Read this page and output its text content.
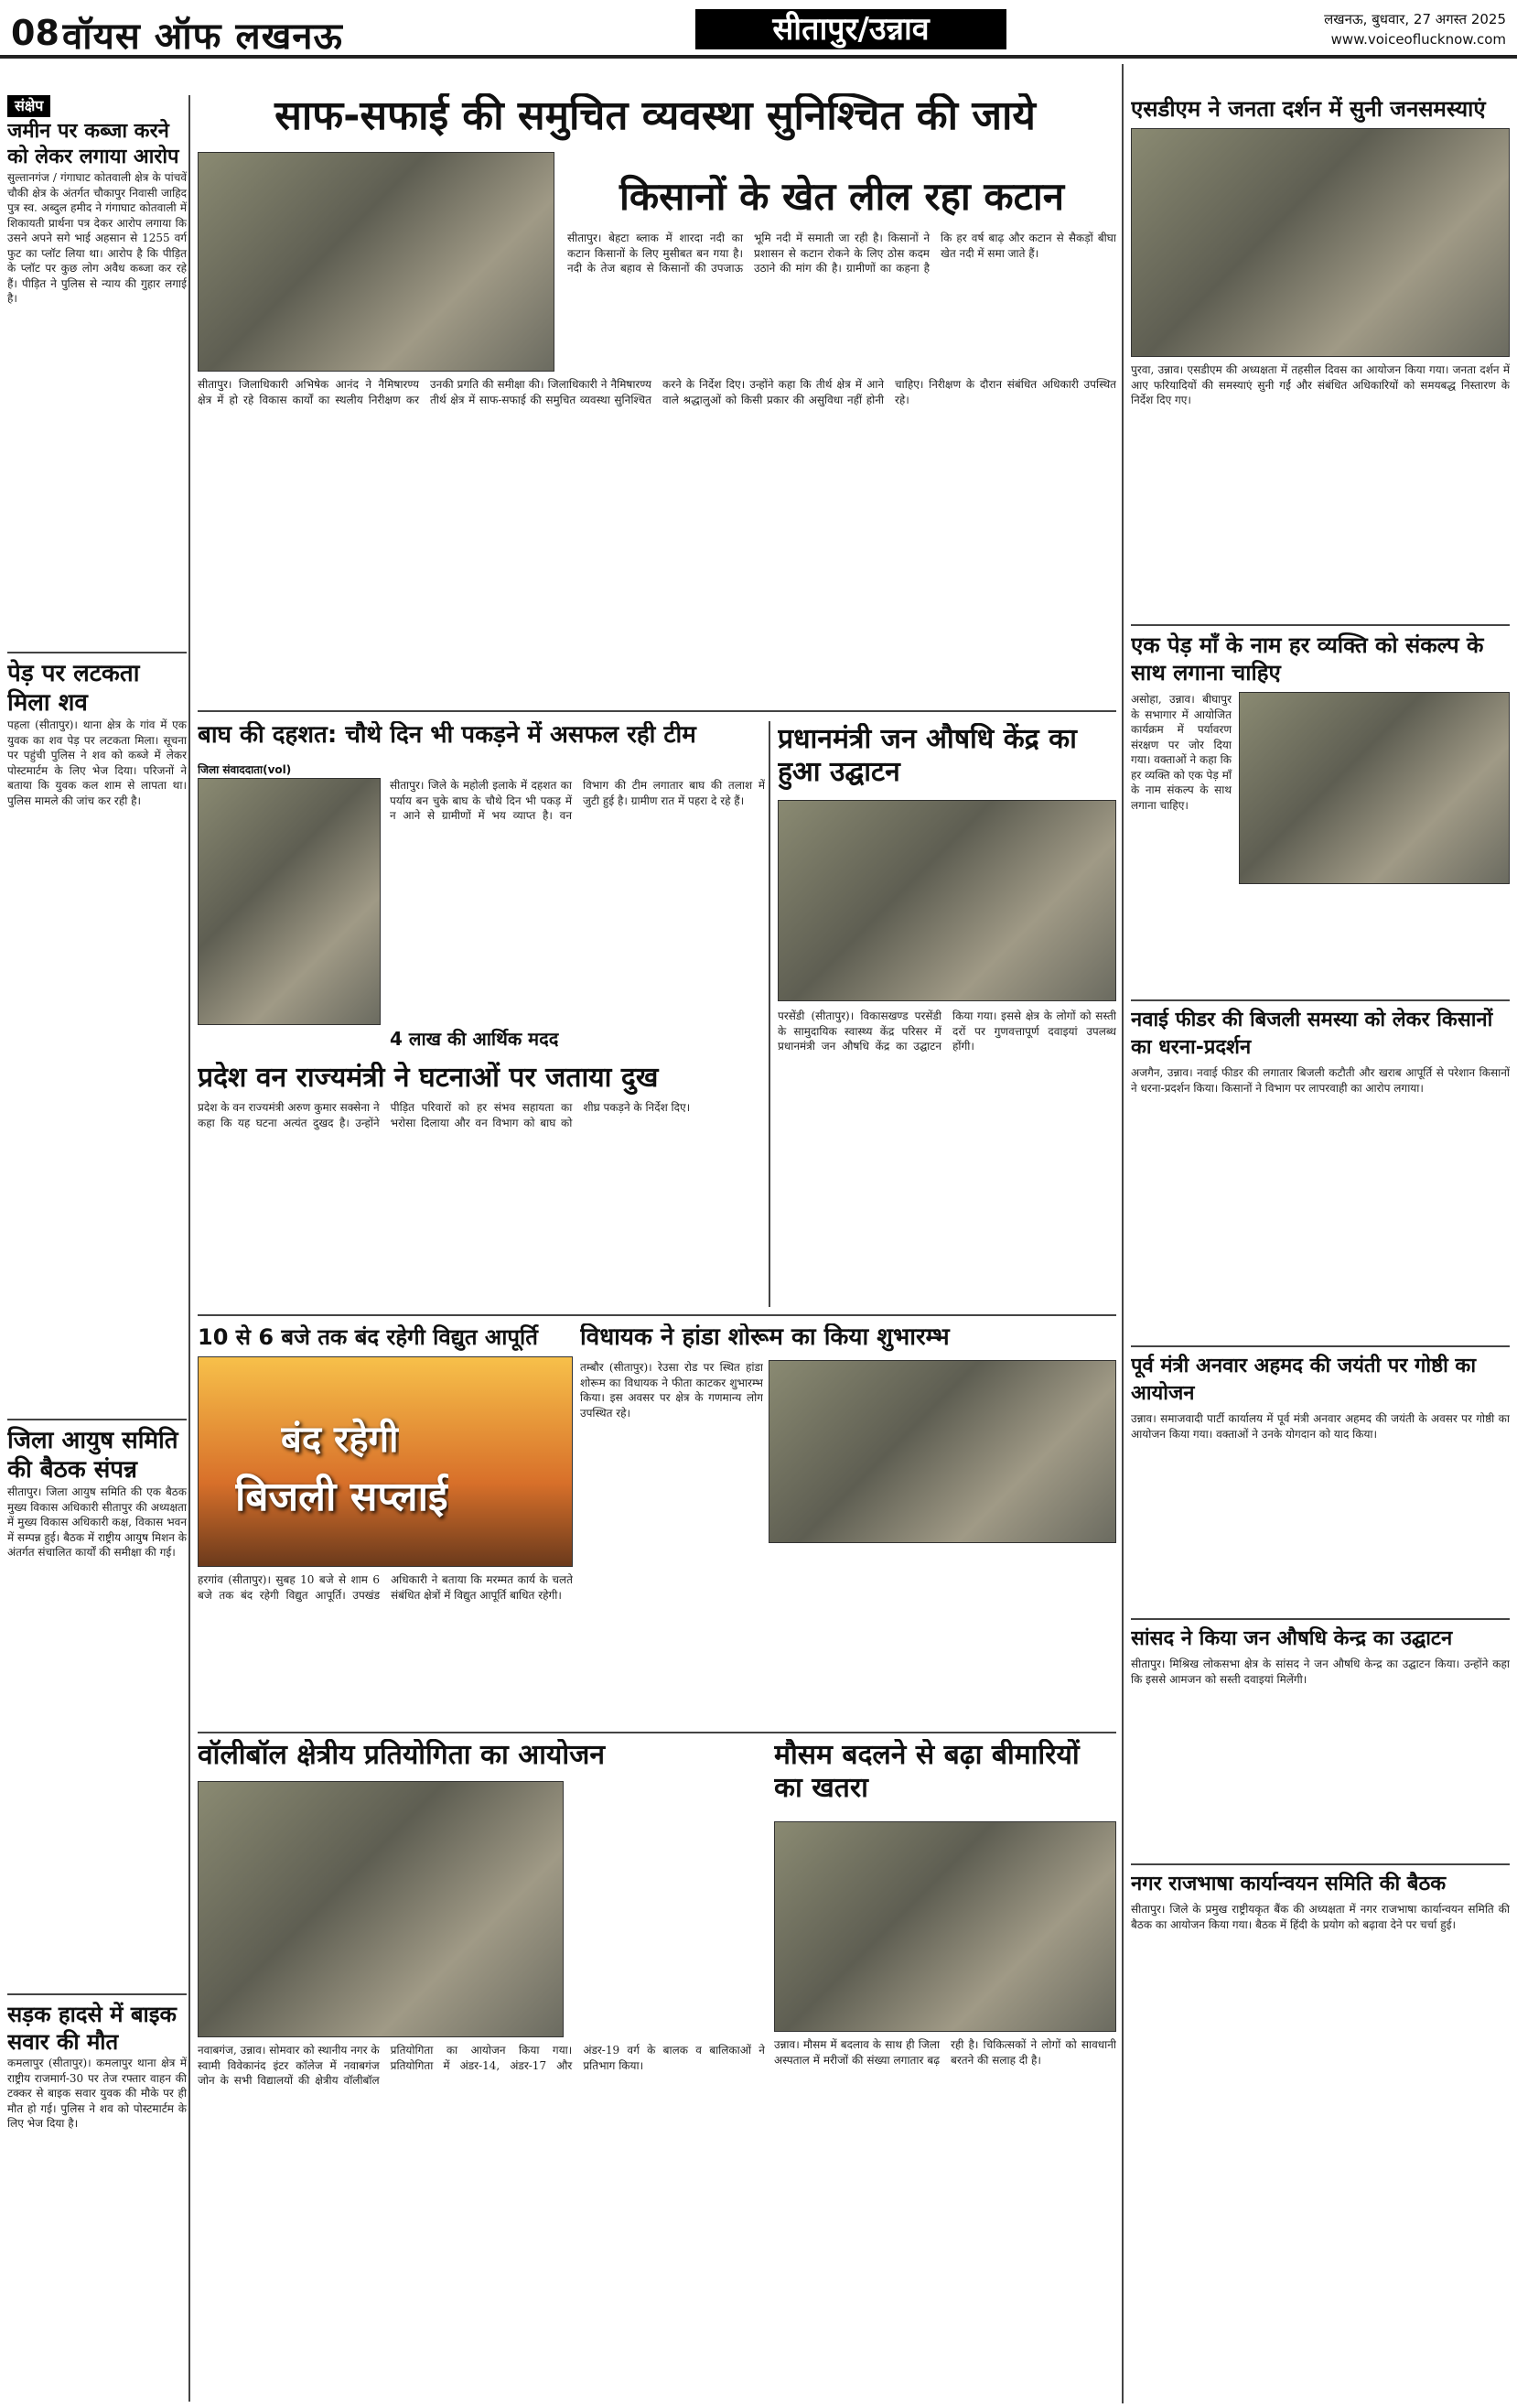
08 वॉयस ऑफ लखनऊ	सीतापुर/उन्नाव	लखनऊ, बुधवार, 27 अगस्त 2025
www.voiceoflucknow.com
संक्षेप
जमीन पर कब्जा करने को लेकर लगाया आरोप
सुल्तानगंज / गंगाघाट कोतवाली क्षेत्र के पांचवें चौकी क्षेत्र के अंतर्गत चौकापुर निवासी जाहिद पुत्र स्व. अब्दुल हमीद ने गंगाघाट कोतवाली में शिकायती प्रार्थना पत्र देकर आरोप लगाया कि उसने अपने सगे भाई अहसान से 1255 वर्ग फुट का प्लॉट लिया था। आरोप है कि पीड़ित के प्लॉट पर कुछ लोग अवैध कब्जा कर रहे हैं। पीड़ित ने पुलिस से न्याय की गुहार लगाई है।
पेड़ पर लटकता मिला शव
पहला (सीतापुर)। थाना क्षेत्र के गांव में एक युवक का शव पेड़ पर लटकता मिला। सूचना पर पहुंची पुलिस ने शव को कब्जे में लेकर पोस्टमार्टम के लिए भेज दिया। परिजनों ने बताया कि युवक कल शाम से लापता था। पुलिस मामले की जांच कर रही है।
जिला आयुष समिति की बैठक संपन्न
सीतापुर। जिला आयुष समिति की एक बैठक मुख्य विकास अधिकारी सीतापुर की अध्यक्षता में मुख्य विकास अधिकारी कक्ष, विकास भवन में सम्पन्न हुई। बैठक में राष्ट्रीय आयुष मिशन के अंतर्गत संचालित कार्यों की समीक्षा की गई।
सड़क हादसे में बाइक सवार की मौत
कमलापुर (सीतापुर)। कमलापुर थाना क्षेत्र में राष्ट्रीय राजमार्ग-30 पर तेज रफ्तार वाहन की टक्कर से बाइक सवार युवक की मौके पर ही मौत हो गई। पुलिस ने शव को पोस्टमार्टम के लिए भेज दिया है।
साफ-सफाई की समुचित व्यवस्था सुनिश्चित की जाये
किसानों के खेत लील रहा कटान
सीतापुर। बेहटा ब्लाक में शारदा नदी का कटान किसानों के लिए मुसीबत बन गया है। नदी के तेज बहाव से किसानों की उपजाऊ भूमि नदी में समाती जा रही है। किसानों ने प्रशासन से कटान रोकने के लिए ठोस कदम उठाने की मांग की है। ग्रामीणों का कहना है कि हर वर्ष बाढ़ और कटान से सैकड़ों बीघा खेत नदी में समा जाते हैं।
सीतापुर। जिलाधिकारी अभिषेक आनंद ने नैमिषारण्य क्षेत्र में हो रहे विकास कार्यों का स्थलीय निरीक्षण कर उनकी प्रगति की समीक्षा की। जिलाधिकारी ने नैमिषारण्य तीर्थ क्षेत्र में साफ-सफाई की समुचित व्यवस्था सुनिश्चित करने के निर्देश दिए। उन्होंने कहा कि तीर्थ क्षेत्र में आने वाले श्रद्धालुओं को किसी प्रकार की असुविधा नहीं होनी चाहिए। निरीक्षण के दौरान संबंधित अधिकारी उपस्थित रहे।
बाघ की दहशत: चौथे दिन भी पकड़ने में असफल रही टीम
जिला संवाददाता(vol)
सीतापुर। जिले के महोली इलाके में दहशत का पर्याय बन चुके बाघ के चौथे दिन भी पकड़ में न आने से ग्रामीणों में भय व्याप्त है। वन विभाग की टीम लगातार बाघ की तलाश में जुटी हुई है। ग्रामीण रात में पहरा दे रहे हैं।
4 लाख की आर्थिक मदद
प्रदेश वन राज्यमंत्री ने घटनाओं पर जताया दुख
प्रदेश के वन राज्यमंत्री अरुण कुमार सक्सेना ने कहा कि यह घटना अत्यंत दुखद है। उन्होंने पीड़ित परिवारों को हर संभव सहायता का भरोसा दिलाया और वन विभाग को बाघ को शीघ्र पकड़ने के निर्देश दिए।
प्रधानमंत्री जन औषधि केंद्र का हुआ उद्घाटन
परसेंडी (सीतापुर)। विकासखण्ड परसेंडी के सामुदायिक स्वास्थ्य केंद्र परिसर में प्रधानमंत्री जन औषधि केंद्र का उद्घाटन किया गया। इससे क्षेत्र के लोगों को सस्ती दरों पर गुणवत्तापूर्ण दवाइयां उपलब्ध होंगी।
10 से 6 बजे तक बंद रहेगी विद्युत आपूर्ति
बंद रहेगी
बिजली सप्लाई
हरगांव (सीतापुर)। सुबह 10 बजे से शाम 6 बजे तक बंद रहेगी विद्युत आपूर्ति। उपखंड अधिकारी ने बताया कि मरम्मत कार्य के चलते संबंधित क्षेत्रों में विद्युत आपूर्ति बाधित रहेगी।
विधायक ने हांडा शोरूम का किया शुभारम्भ
तम्बौर (सीतापुर)। रेउसा रोड पर स्थित हांडा शोरूम का विधायक ने फीता काटकर शुभारम्भ किया। इस अवसर पर क्षेत्र के गणमान्य लोग उपस्थित रहे।
वॉलीबॉल क्षेत्रीय प्रतियोगिता का आयोजन
नवाबगंज, उन्नाव। सोमवार को स्थानीय नगर के स्वामी विवेकानंद इंटर कॉलेज में नवाबगंज जोन के सभी विद्यालयों की क्षेत्रीय वॉलीबॉल प्रतियोगिता का आयोजन किया गया। प्रतियोगिता में अंडर-14, अंडर-17 और अंडर-19 वर्ग के बालक व बालिकाओं ने प्रतिभाग किया।
मौसम बदलने से बढ़ा बीमारियों का खतरा
उन्नाव। मौसम में बदलाव के साथ ही जिला अस्पताल में मरीजों की संख्या लगातार बढ़ रही है। चिकित्सकों ने लोगों को सावधानी बरतने की सलाह दी है।
एसडीएम ने जनता दर्शन में सुनी जनसमस्याएं
पुरवा, उन्नाव। एसडीएम की अध्यक्षता में तहसील दिवस का आयोजन किया गया। जनता दर्शन में आए फरियादियों की समस्याएं सुनी गईं और संबंधित अधिकारियों को समयबद्ध निस्तारण के निर्देश दिए गए।
एक पेड़ माँ के नाम हर व्यक्ति को संकल्प के साथ लगाना चाहिए
असोहा, उन्नाव। बीघापुर के सभागार में आयोजित कार्यक्रम में पर्यावरण संरक्षण पर जोर दिया गया। वक्ताओं ने कहा कि हर व्यक्ति को एक पेड़ माँ के नाम संकल्प के साथ लगाना चाहिए।
नवाई फीडर की बिजली समस्या को लेकर किसानों का धरना-प्रदर्शन
अजगैन, उन्नाव। नवाई फीडर की लगातार बिजली कटौती और खराब आपूर्ति से परेशान किसानों ने धरना-प्रदर्शन किया। किसानों ने विभाग पर लापरवाही का आरोप लगाया।
पूर्व मंत्री अनवार अहमद की जयंती पर गोष्ठी का आयोजन
उन्नाव। समाजवादी पार्टी कार्यालय में पूर्व मंत्री अनवार अहमद की जयंती के अवसर पर गोष्ठी का आयोजन किया गया। वक्ताओं ने उनके योगदान को याद किया।
सांसद ने किया जन औषधि केन्द्र का उद्घाटन
सीतापुर। मिश्रिख लोकसभा क्षेत्र के सांसद ने जन औषधि केन्द्र का उद्घाटन किया। उन्होंने कहा कि इससे आमजन को सस्ती दवाइयां मिलेंगी।
नगर राजभाषा कार्यान्वयन समिति की बैठक
सीतापुर। जिले के प्रमुख राष्ट्रीयकृत बैंक की अध्यक्षता में नगर राजभाषा कार्यान्वयन समिति की बैठक का आयोजन किया गया। बैठक में हिंदी के प्रयोग को बढ़ावा देने पर चर्चा हुई।
